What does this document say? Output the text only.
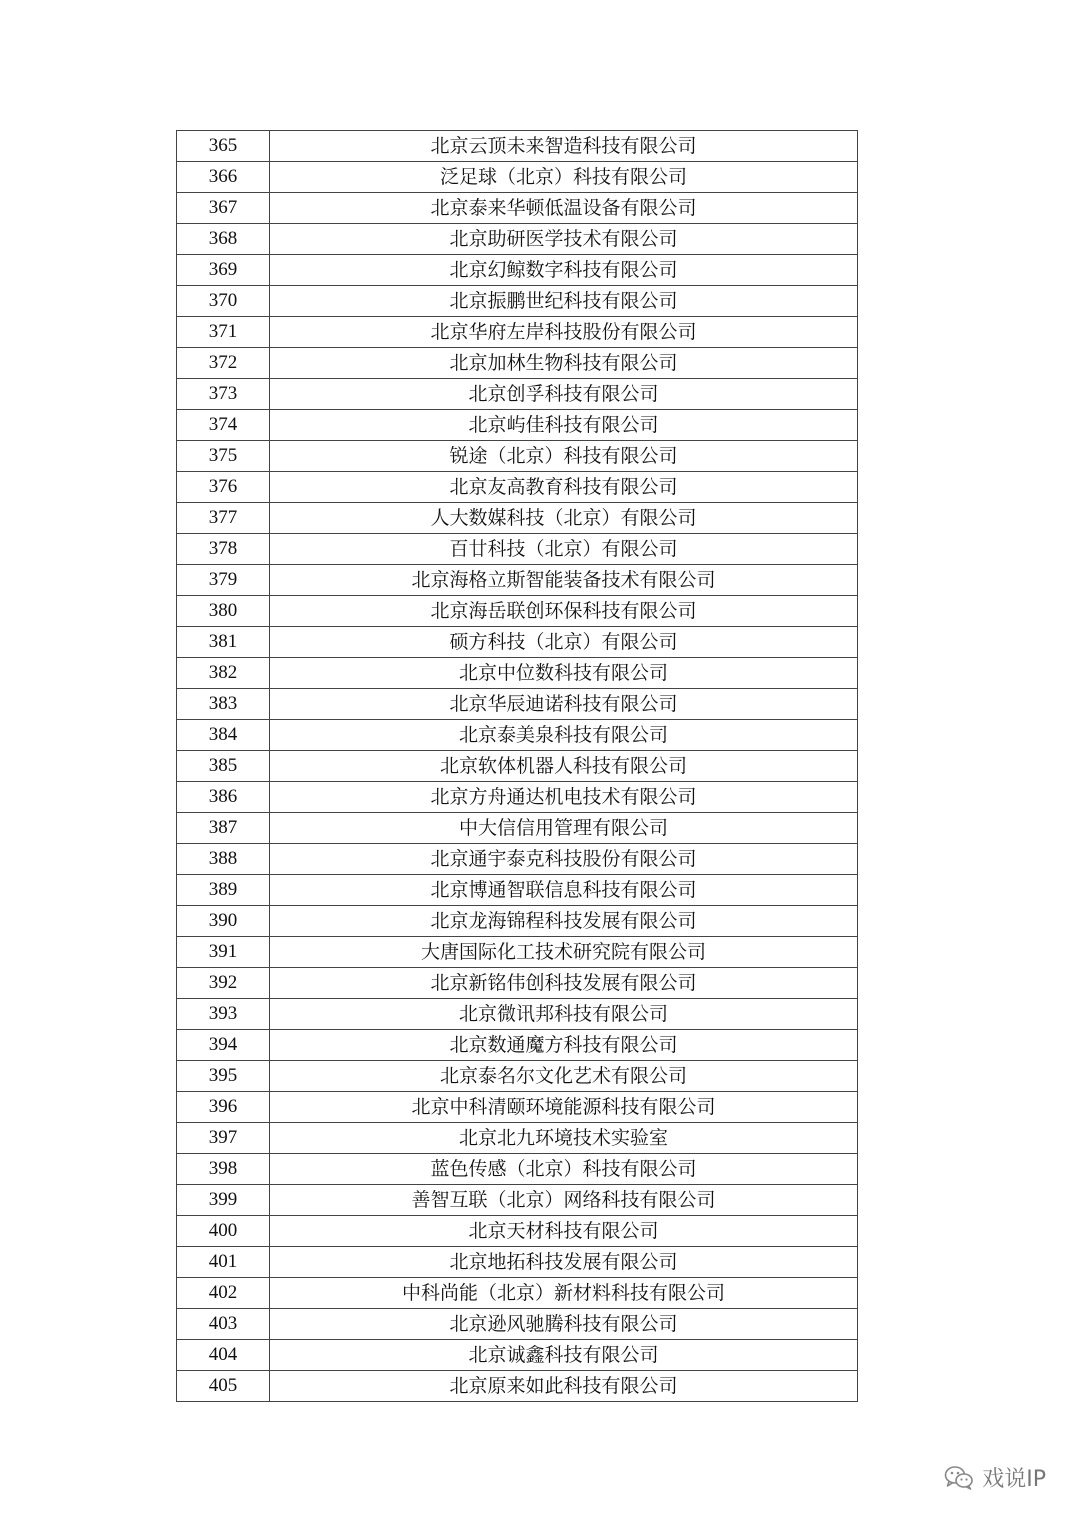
365	北京云顶未来智造科技有限公司
366	泛足球（北京）科技有限公司
367	北京泰来华顿低温设备有限公司
368	北京助研医学技术有限公司
369	北京幻鲸数字科技有限公司
370	北京振鹏世纪科技有限公司
371	北京华府左岸科技股份有限公司
372	北京加林生物科技有限公司
373	北京创孚科技有限公司
374	北京屿佳科技有限公司
375	锐途（北京）科技有限公司
376	北京友高教育科技有限公司
377	人大数媒科技（北京）有限公司
378	百廿科技（北京）有限公司
379	北京海格立斯智能装备技术有限公司
380	北京海岳联创环保科技有限公司
381	硕方科技（北京）有限公司
382	北京中位数科技有限公司
383	北京华辰迪诺科技有限公司
384	北京泰美泉科技有限公司
385	北京软体机器人科技有限公司
386	北京方舟通达机电技术有限公司
387	中大信信用管理有限公司
388	北京通宇泰克科技股份有限公司
389	北京博通智联信息科技有限公司
390	北京龙海锦程科技发展有限公司
391	大唐国际化工技术研究院有限公司
392	北京新铭伟创科技发展有限公司
393	北京微讯邦科技有限公司
394	北京数通魔方科技有限公司
395	北京泰名尔文化艺术有限公司
396	北京中科清颐环境能源科技有限公司
397	北京北九环境技术实验室
398	蓝色传感（北京）科技有限公司
399	善智互联（北京）网络科技有限公司
400	北京天材科技有限公司
401	北京地拓科技发展有限公司
402	中科尚能（北京）新材料科技有限公司
403	北京逊风驰腾科技有限公司
404	北京诚鑫科技有限公司
405	北京原来如此科技有限公司
戏说IP
